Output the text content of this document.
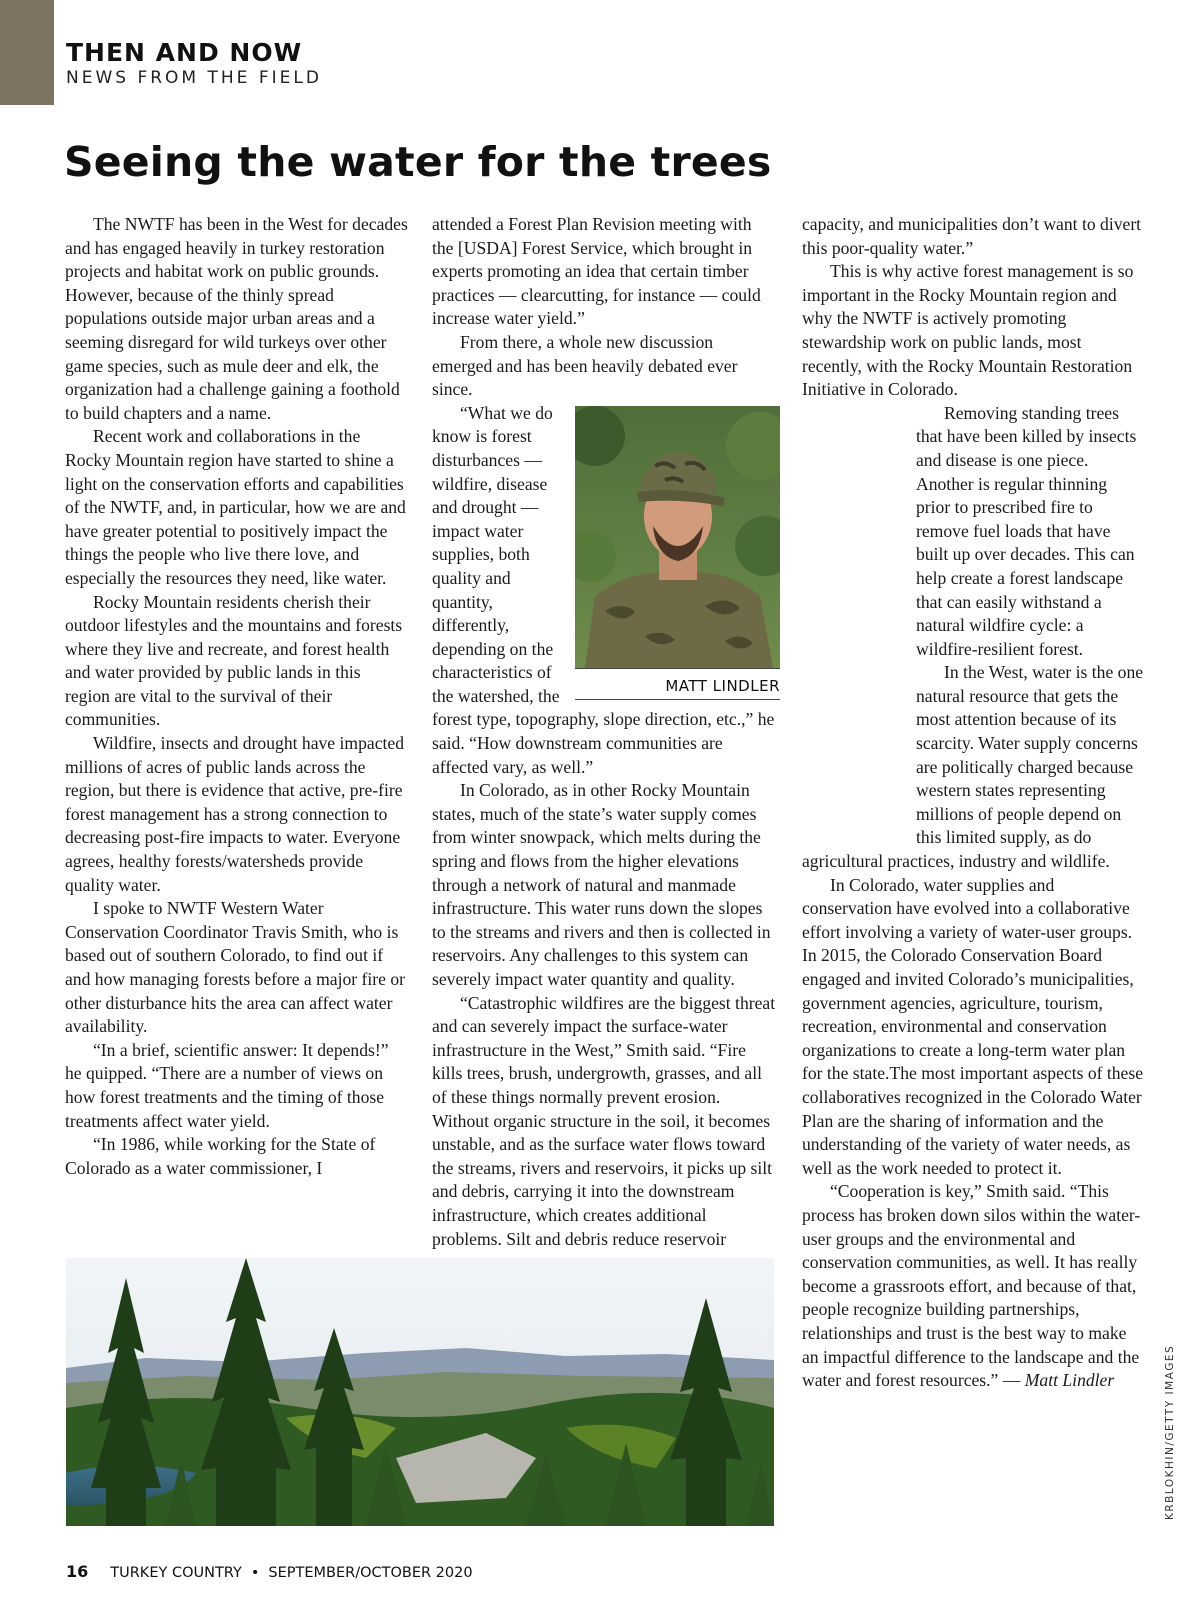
THEN AND NOW
NEWS FROM THE FIELD
Seeing the water for the trees

The NWTF has been in the West for decades and has engaged heavily in turkey restoration projects and habitat work on public grounds. However, because of the thinly spread populations outside major urban areas and a seeming disregard for wild turkeys over other game species, such as mule deer and elk, the organization had a challenge gaining a foothold to build chapters and a name.

Recent work and collaborations in the Rocky Mountain region have started to shine a light on the conservation efforts and capabilities of the NWTF, and, in particular, how we are and have greater potential to positively impact the things the people who live there love, and especially the resources they need, like water.

Rocky Mountain residents cherish their outdoor lifestyles and the mountains and forests where they live and recreate, and forest health and water provided by public lands in this region are vital to the survival of their communities.

Wildfire, insects and drought have impacted millions of acres of public lands across the region, but there is evidence that active, pre-fire forest management has a strong connection to decreasing post-fire impacts to water. Everyone agrees, healthy forests/watersheds provide quality water.

I spoke to NWTF Western Water Conservation Coordinator Travis Smith, who is based out of southern Colorado, to find out if and how managing forests before a major fire or other disturbance hits the area can affect water availability.

“In a brief, scientific answer: It depends!” he quipped. “There are a number of views on how forest treatments and the timing of those treatments affect water yield.

“In 1986, while working for the State of Colorado as a water commissioner, I

attended a Forest Plan Revision meeting with the [USDA] Forest Service, which brought in experts promoting an idea that certain timber practices — clearcutting, for instance — could increase water yield.”

From there, a whole new discussion emerged and has been heavily debated ever since.

MATT LINDLER

“What we do know is forest disturbances — wildfire, disease and drought — impact water supplies, both quality and quantity, differently, depending on the characteristics of the watershed, the forest type, topography, slope direction, etc.,” he said. “How downstream communities are affected vary, as well.”

In Colorado, as in other Rocky Mountain states, much of the state’s water supply comes from winter snowpack, which melts during the spring and flows from the higher elevations through a network of natural and manmade infrastructure. This water runs down the slopes to the streams and rivers and then is collected in reservoirs. Any challenges to this system can severely impact water quantity and quality.

“Catastrophic wildfires are the biggest threat and can severely impact the surface-water infrastructure in the West,” Smith said. “Fire kills trees, brush, undergrowth, grasses, and all of these things normally prevent erosion. Without organic structure in the soil, it becomes unstable, and as the surface water flows toward the streams, rivers and reservoirs, it picks up silt and debris, carrying it into the downstream infrastructure, which creates additional problems. Silt and debris reduce reservoir

capacity, and municipalities don’t want to divert this poor-quality water.”

This is why active forest management is so important in the Rocky Mountain region and why the NWTF is actively promoting stewardship work on public lands, most recently, with the Rocky Mountain Restoration Initiative in Colorado.

Removing standing trees that have been killed by insects and disease is one piece. Another is regular thinning prior to prescribed fire to remove fuel loads that have built up over decades. This can help create a forest landscape that can easily withstand a natural wildfire cycle: a wildfire-resilient forest.

In the West, water is the one natural resource that gets the most attention because of its scarcity. Water supply concerns are politically charged because western states representing millions of people depend on this limited supply, as do agricultural practices, industry and wildlife.

In Colorado, water supplies and conservation have evolved into a collaborative effort involving a variety of water-user groups. In 2015, the Colorado Conservation Board engaged and invited Colorado’s municipalities, government agencies, agriculture, tourism, recreation, environmental and conservation organizations to create a long-term water plan for the state.The most important aspects of these collaboratives recognized in the Colorado Water Plan are the sharing of information and the understanding of the variety of water needs, as well as the work needed to protect it.

“Cooperation is key,” Smith said. “This process has broken down silos within the water-user groups and the environmental and conservation communities, as well. It has really become a grassroots effort, and because of that, people recognize building partnerships, relationships and trust is the best way to make an impactful difference to the landscape and the water and forest resources.” — Matt Lindler	KRBLOKHIN/GETTY IMAGES
16 TURKEY COUNTRY • SEPTEMBER/OCTOBER 2020
